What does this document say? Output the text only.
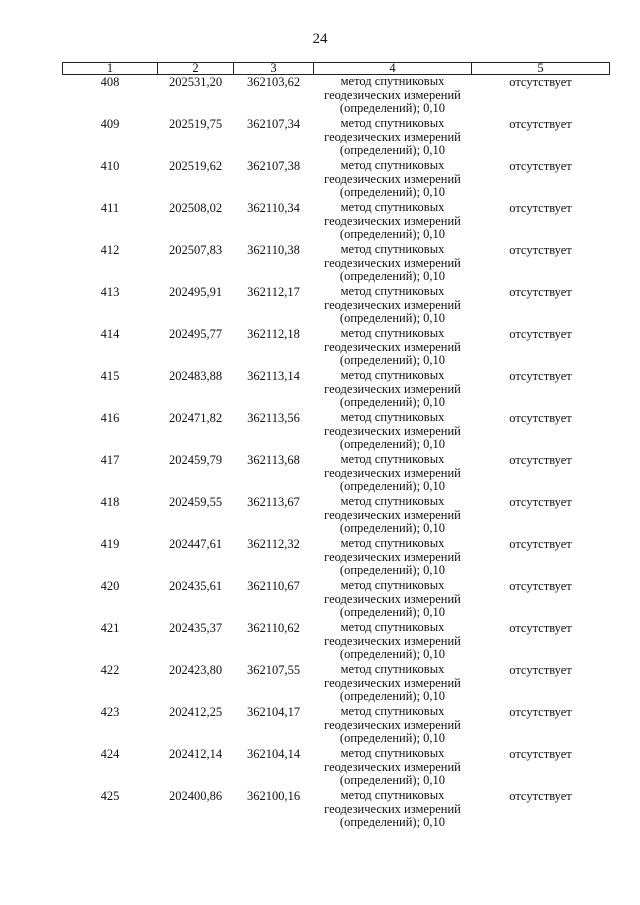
24
1	2	3	4	5
408	202531,20	362103,62	метод спутниковых
геодезических измерений
(определений); 0,10	отсутствует
409	202519,75	362107,34	метод спутниковых
геодезических измерений
(определений); 0,10	отсутствует
410	202519,62	362107,38	метод спутниковых
геодезических измерений
(определений); 0,10	отсутствует
411	202508,02	362110,34	метод спутниковых
геодезических измерений
(определений); 0,10	отсутствует
412	202507,83	362110,38	метод спутниковых
геодезических измерений
(определений); 0,10	отсутствует
413	202495,91	362112,17	метод спутниковых
геодезических измерений
(определений); 0,10	отсутствует
414	202495,77	362112,18	метод спутниковых
геодезических измерений
(определений); 0,10	отсутствует
415	202483,88	362113,14	метод спутниковых
геодезических измерений
(определений); 0,10	отсутствует
416	202471,82	362113,56	метод спутниковых
геодезических измерений
(определений); 0,10	отсутствует
417	202459,79	362113,68	метод спутниковых
геодезических измерений
(определений); 0,10	отсутствует
418	202459,55	362113,67	метод спутниковых
геодезических измерений
(определений); 0,10	отсутствует
419	202447,61	362112,32	метод спутниковых
геодезических измерений
(определений); 0,10	отсутствует
420	202435,61	362110,67	метод спутниковых
геодезических измерений
(определений); 0,10	отсутствует
421	202435,37	362110,62	метод спутниковых
геодезических измерений
(определений); 0,10	отсутствует
422	202423,80	362107,55	метод спутниковых
геодезических измерений
(определений); 0,10	отсутствует
423	202412,25	362104,17	метод спутниковых
геодезических измерений
(определений); 0,10	отсутствует
424	202412,14	362104,14	метод спутниковых
геодезических измерений
(определений); 0,10	отсутствует
425	202400,86	362100,16	метод спутниковых
геодезических измерений
(определений); 0,10	отсутствует
